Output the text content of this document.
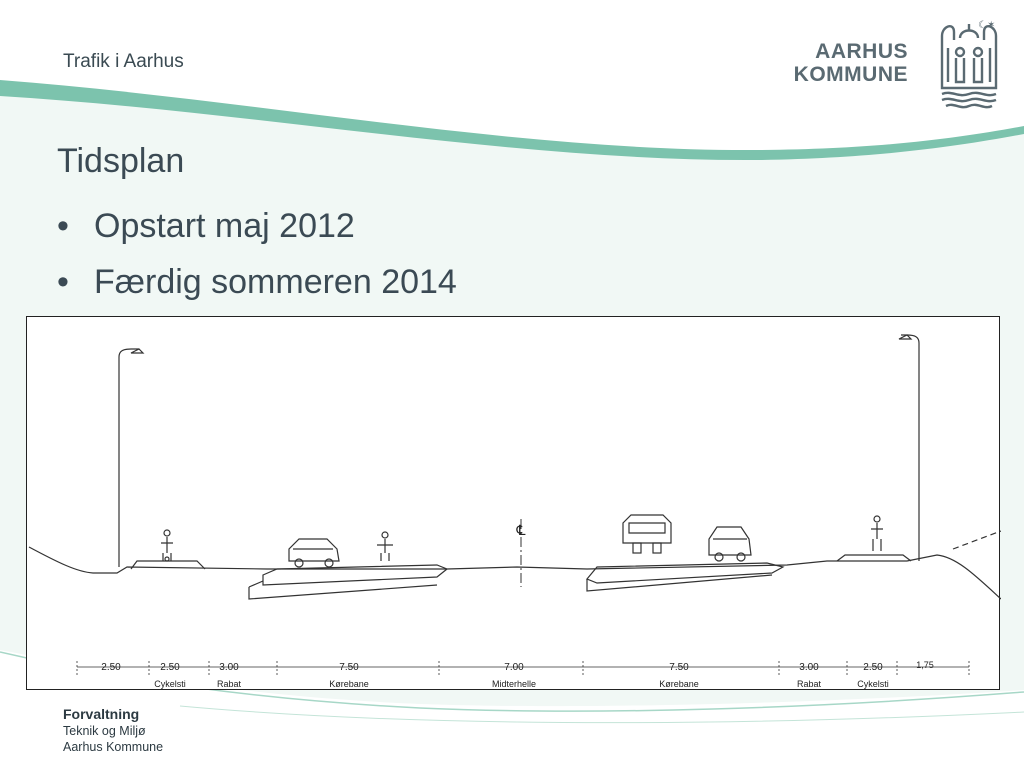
Trafik i Aarhus	AARHUS
KOMMUNE
☾✶
Tidsplan
• Opstart maj 2012
• Færdig sommeren 2014
℄
2.50	2.50
Cykelsti
3.00
Rabat
7.50
Kørebane
7.00
Midterhelle
7.50
Kørebane
3.00
Rabat
2.50
Cykelsti
1,75
Forvaltning
Teknik og Miljø
Aarhus Kommune
